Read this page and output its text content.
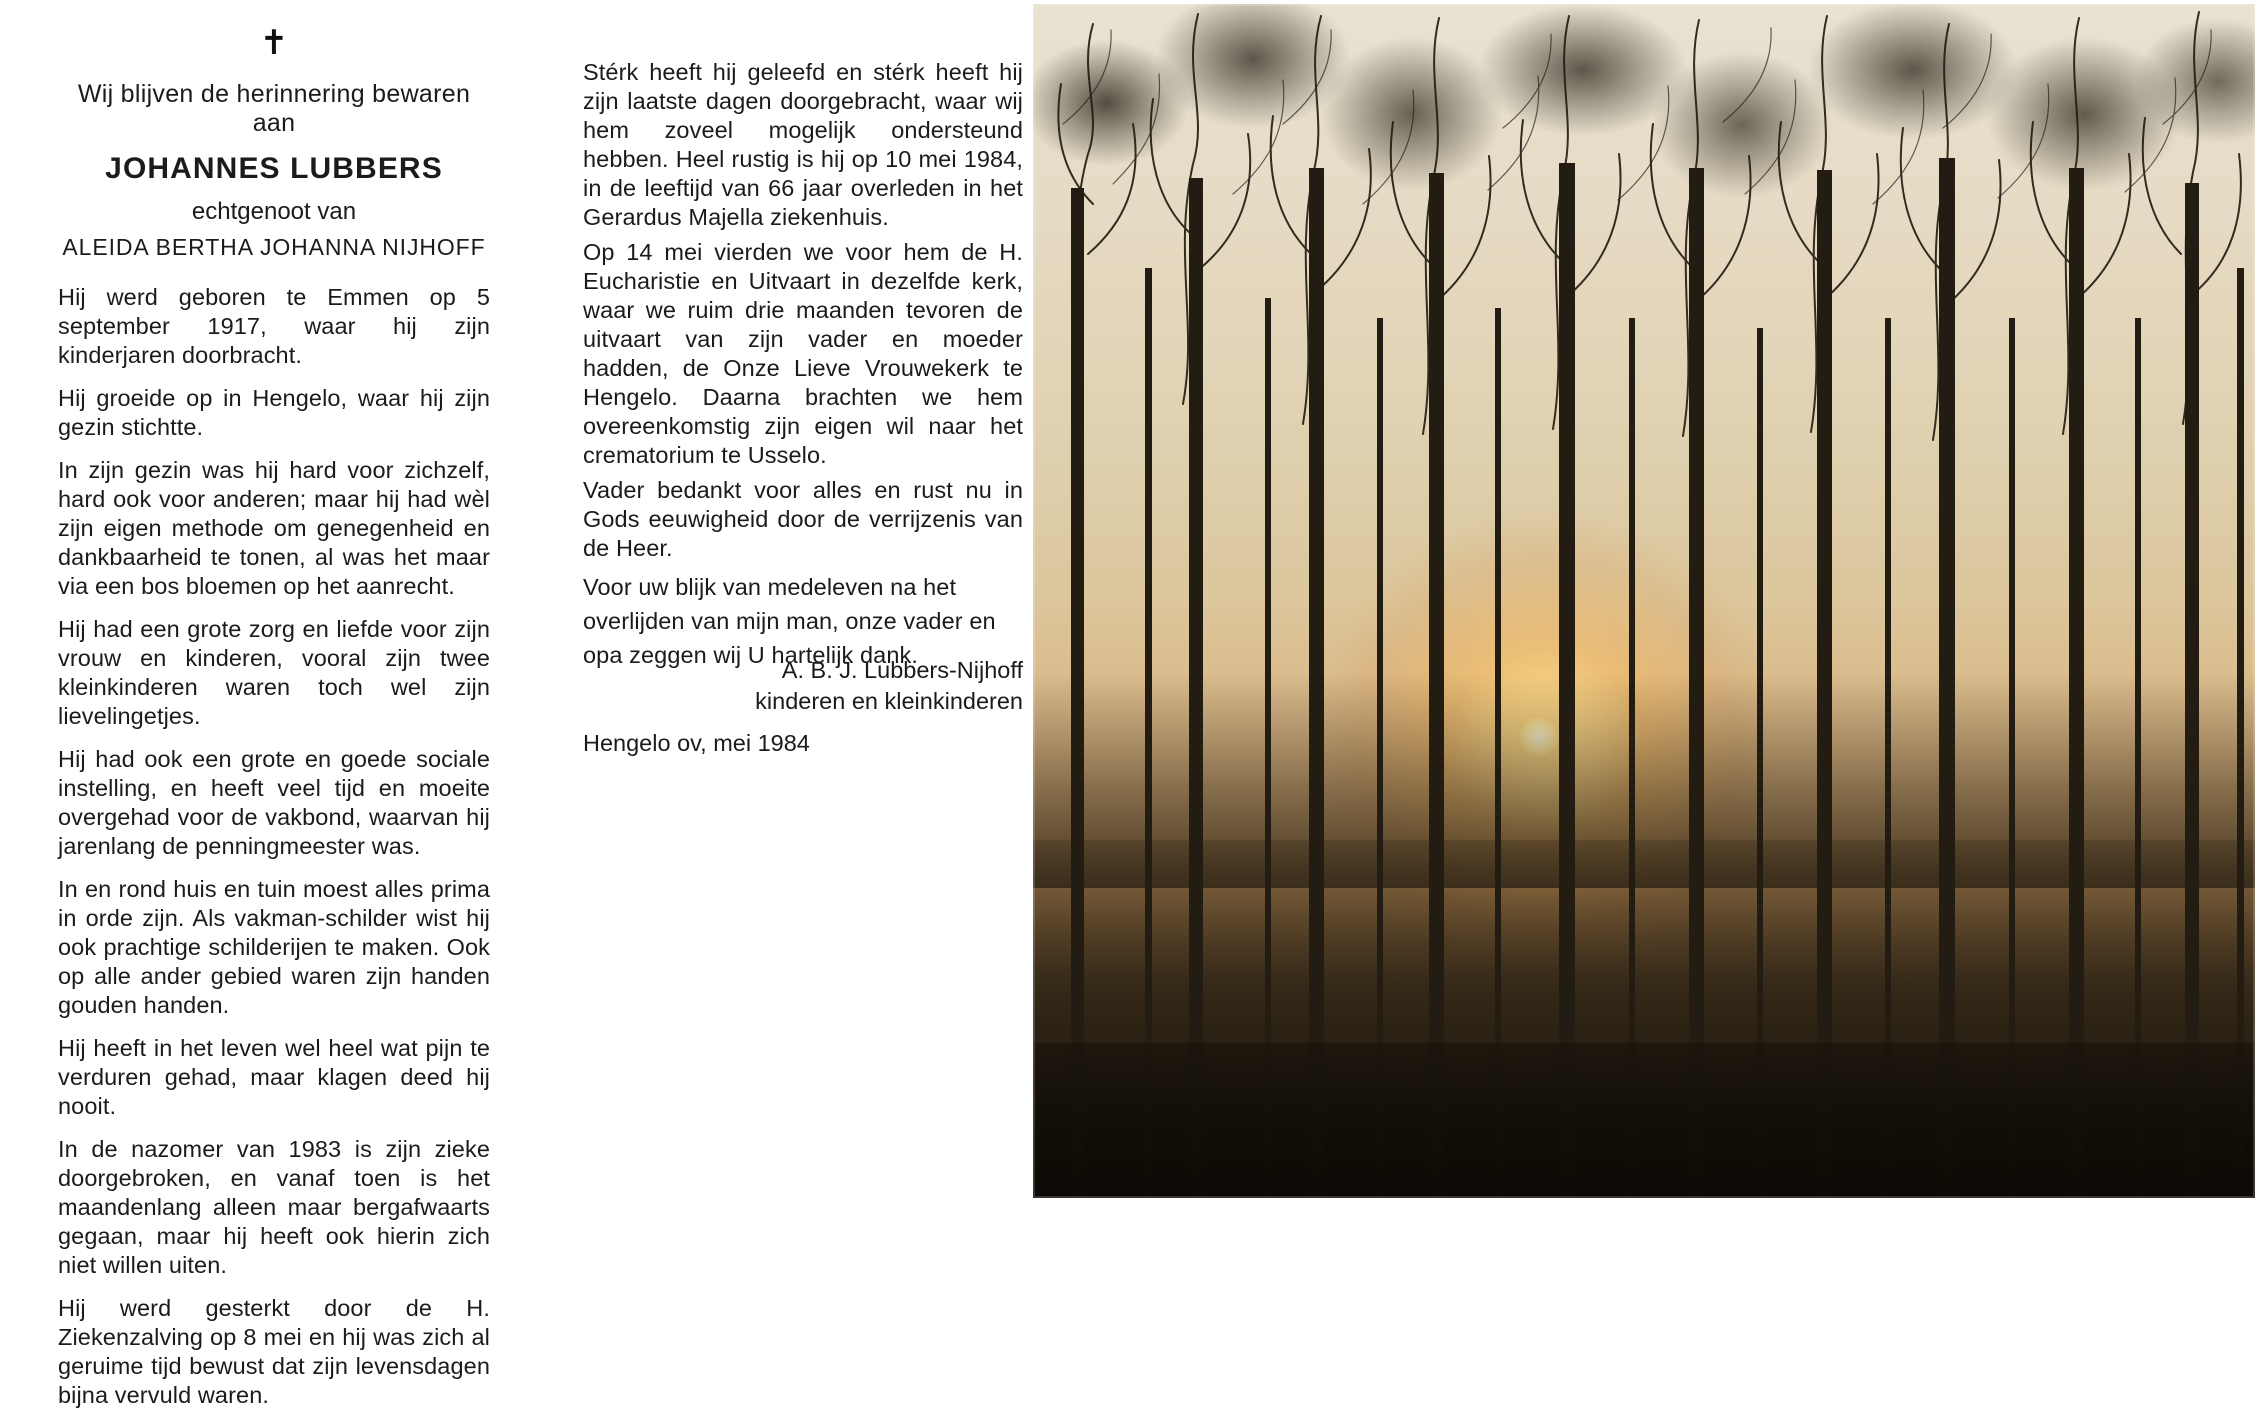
✝
Wij blijven de herinnering bewaren aan
JOHANNES LUBBERS
echtgenoot van
ALEIDA BERTHA JOHANNA NIJHOFF

Hij werd geboren te Emmen op 5 september 1917, waar hij zijn kinderjaren doorbracht.

Hij groeide op in Hengelo, waar hij zijn gezin stichtte.

In zijn gezin was hij hard voor zichzelf, hard ook voor anderen; maar hij had wèl zijn eigen methode om genegenheid en dankbaarheid te tonen, al was het maar via een bos bloemen op het aanrecht.

Hij had een grote zorg en liefde voor zijn vrouw en kinderen, vooral zijn twee kleinkinderen waren toch wel zijn lievelingetjes.

Hij had ook een grote en goede sociale instelling, en heeft veel tijd en moeite overgehad voor de vakbond, waarvan hij jarenlang de penningmeester was.

In en rond huis en tuin moest alles prima in orde zijn. Als vakman-schilder wist hij ook prachtige schilderijen te maken. Ook op alle ander gebied waren zijn handen gouden handen.

Hij heeft in het leven wel heel wat pijn te verduren gehad, maar klagen deed hij nooit.

In de nazomer van 1983 is zijn zieke doorgebroken, en vanaf toen is het maandenlang alleen maar bergafwaarts gegaan, maar hij heeft ook hierin zich niet willen uiten.

Hij werd gesterkt door de H. Ziekenzalving op 8 mei en hij was zich al geruime tijd bewust dat zijn levensdagen bijna vervuld waren.

Stérk heeft hij geleefd en stérk heeft hij zijn laatste dagen doorgebracht, waar wij hem zoveel mogelijk ondersteund hebben. Heel rustig is hij op 10 mei 1984, in de leeftijd van 66 jaar overleden in het Gerardus Majella ziekenhuis.

Op 14 mei vierden we voor hem de H. Eucharistie en Uitvaart in dezelfde kerk, waar we ruim drie maanden tevoren de uitvaart van zijn vader en moeder hadden, de Onze Lieve Vrouwekerk te Hengelo. Daarna brachten we hem overeenkomstig zijn eigen wil naar het crematorium te Usselo.

Vader bedankt voor alles en rust nu in Gods eeuwigheid door de verrijzenis van de Heer.

Voor uw blijk van medeleven na het overlijden van mijn man, onze vader en opa zeggen wij U hartelijk dank.

A. B. J. Lubbers-Nijhoff
kinderen en kleinkinderen
Hengelo ov, mei 1984
